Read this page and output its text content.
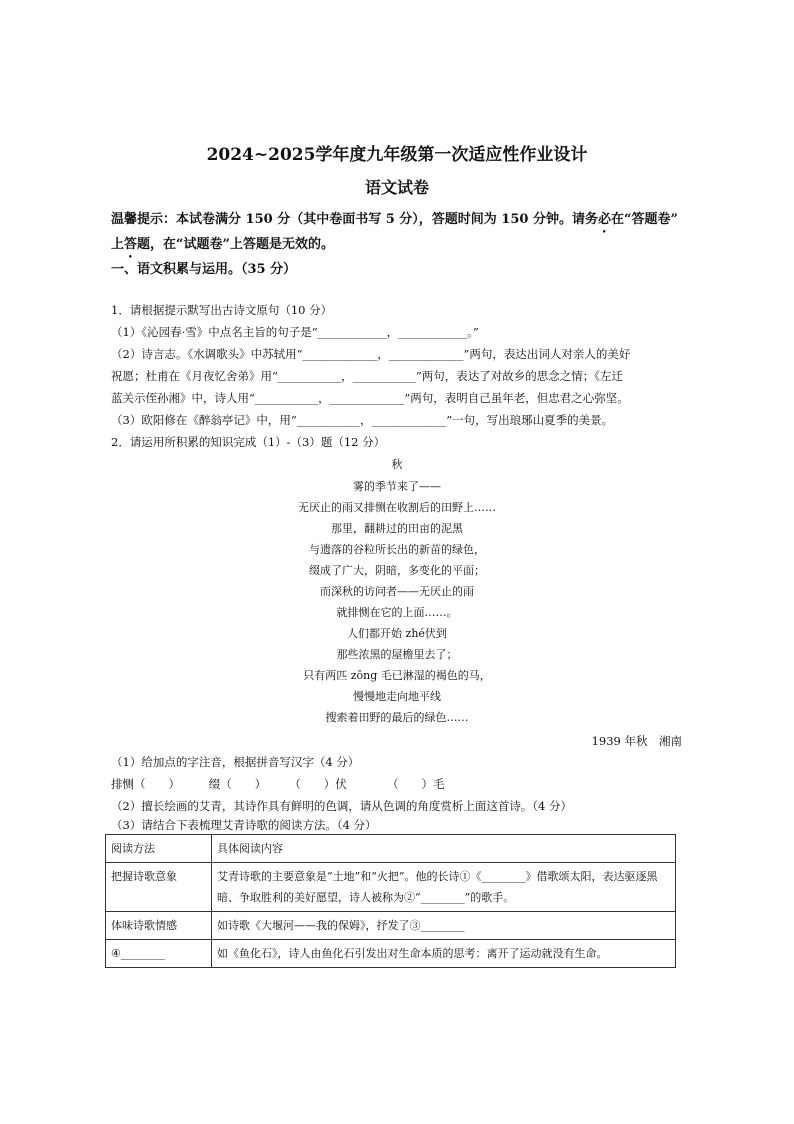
2024~2025学年度九年级第一次适应性作业设计
语文试卷
温馨提示：本试卷满分 150 分（其中卷面书写 5 分），答题时间为 150 分钟。请务必在“答题卷”
上答题，在“试题卷”上答题是无效的。
一、语文积累与运用。（35 分）
1．请根据提示默写出古诗文原句（10 分）
（1）《沁园春·雪》中点名主旨的句子是“____________，____________。”
（2）诗言志。《水调歌头》中苏轼用“_____________，_____________”两句，表达出词人对亲人的美好
祝愿；杜甫在《月夜忆舍弟》用“___________，___________”两句，表达了对故乡的思念之情；《左迁
蓝关示侄孙湘》中，诗人用“___________，_____________”两句，表明自己虽年老，但忠君之心弥坚。
（3）欧阳修在《醉翁亭记》中，用“___________，_____________”一句，写出琅琊山夏季的美景。
2．请运用所积累的知识完成（1）-（3）题（12 分）
秋
雾的季节来了——
无厌止的雨又排恻在收割后的田野上……
那里，翻耕过的田亩的泥黑
与遗落的谷粒所长出的新苗的绿色，
缀成了广大，阴暗，多变化的平面；
而深秋的访问者——无厌止的雨
就排恻在它的上面……。
人们都开始 zhé伏到
那些浓黑的屋檐里去了；
只有两匹 zōng 毛已淋湿的褐色的马，
慢慢地走向地平线
搜索着田野的最后的绿色……
1939 年秋　湘南
（1）给加点的字注音，根据拼音写汉字（4 分）
排恻（　　）　　　缀（　　）　　　（　　）伏　　　　（　　）毛
（2）擅长绘画的艾青，其诗作具有鲜明的色调，请从色调的角度赏析上面这首诗。（4 分）
（3）请结合下表梳理艾青诗歌的阅读方法。（4 分）
阅读方法	具体阅读内容
把握诗歌意象	艾青诗歌的主要意象是“土地”和“火把”。他的长诗①《________》借歌颂太阳，表达驱逐黑暗、争取胜利的美好愿望，诗人被称为②“________”的歌手。
体味诗歌情感	如诗歌《大堰河——我的保姆》，抒发了③________
④________	如《鱼化石》，诗人由鱼化石引发出对生命本质的思考：离开了运动就没有生命。
